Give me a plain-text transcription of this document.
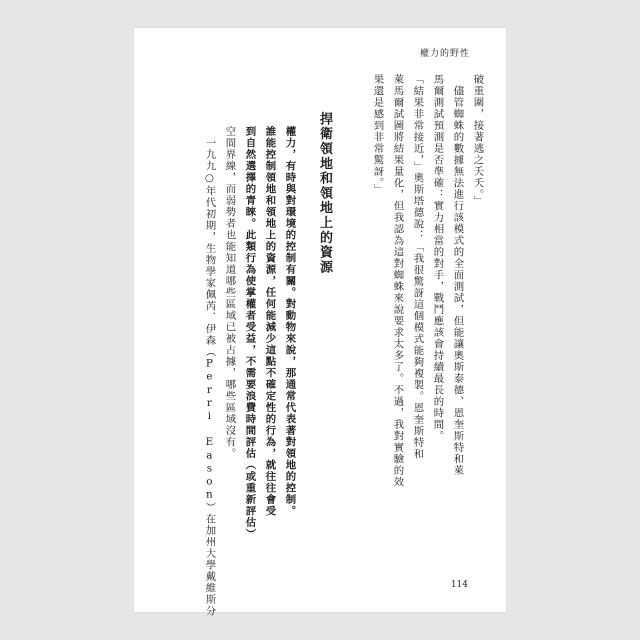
權力的野性
破重圍，接著逃之夭夭。」
　儘管蜘蛛的數據無法進行該模式的全面測試，但能讓奧斯泰德、恩奎斯特和萊
馬爾測試預測是否準確：實力相當的對手，戰鬥應該會持續最長的時間。
「結果非常接近，」奧斯塔德說：「我很驚訝這個模式能夠複製。恩奎斯特和
萊馬爾試圖將結果量化，但我認為這對蜘蛛來說要求太多了。不過，我對實驗的效
果還是感到非常驚訝。」
捍衛領地和領地上的資源
權力，有時與對環境的控制有關。對動物來說，那通常代表著對領地的控制。
誰能控制領地和領地上的資源，任何能減少這點不確定性的行為，就往往會受
到自然選擇的青睞。此類行為使掌權者受益，不需要浪費時間評估（或重新評估）
空間界線，而弱勢者也能知道哪些區域已被占據，哪些區域沒有。
　一九九○年代初期，生物學家佩芮．伊森（Perri Eason）在加州大學戴維斯分	114
